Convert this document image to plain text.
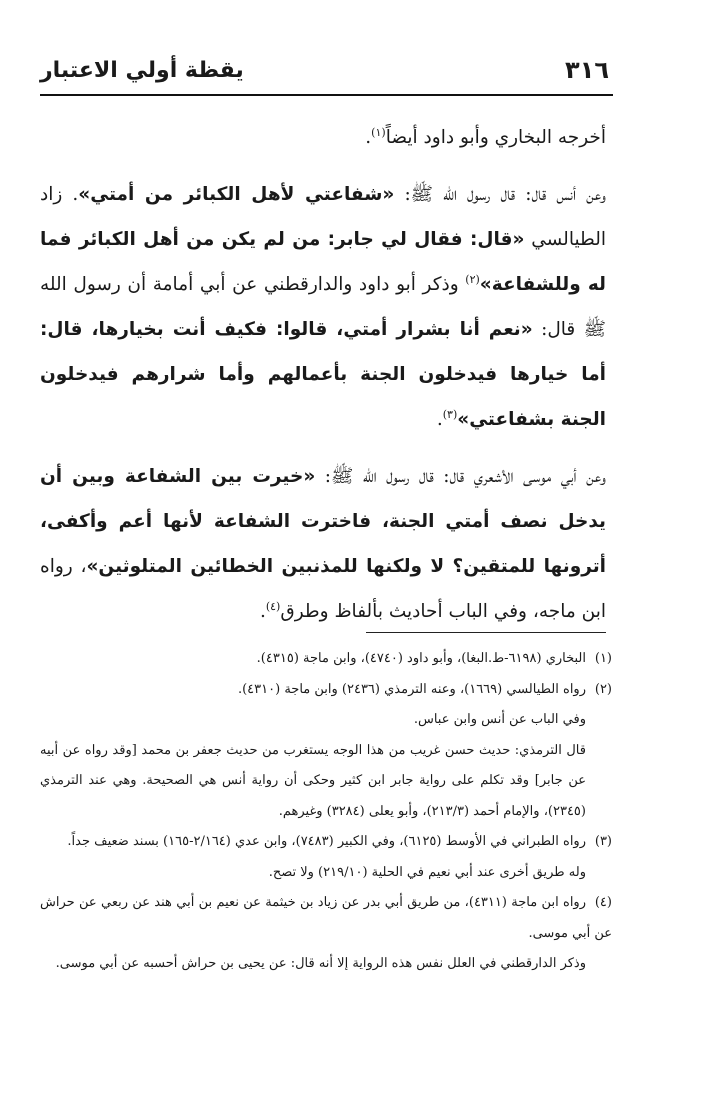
يقظة أولي الاعتبار	٣١٦

أخرجه البخاري وأبو داود أيضاً$^{(١)}$.

وعن أنس قال: قال رسول الله ﷺ: «شفاعتي لأهل الكبائر من أمتي». زاد الطيالسي «قال: فقال لي جابر: من لم يكن من أهل الكبائر فما له وللشفاعة»$^{(٢)}$ وذكر أبو داود والدارقطني عن أبي أمامة أن رسول الله ﷺ قال: «نعم أنا بشرار أمتي، قالوا: فكيف أنت بخيارها، قال: أما خيارها فيدخلون الجنة بأعمالهم وأما شرارهم فيدخلون الجنة بشفاعتي»$^{(٣)}$.

وعن أبي موسى الأشعري قال: قال رسول الله ﷺ: «خيرت بين الشفاعة وبين أن يدخل نصف أمتي الجنة، فاخترت الشفاعة لأنها أعم وأكفى، أترونها للمتقين؟ لا ولكنها للمذنبين الخطائين المتلوثين»، رواه ابن ماجه، وفي الباب أحاديث بألفاظ وطرق$^{(٤)}$.

(١)البخاري (٦١٩٨-ط.البغا)، وأبو داود (٤٧٤٠)، وابن ماجة (٤٣١٥).

(٢)رواه الطيالسي (١٦٦٩)، وعنه الترمذي (٢٤٣٦) وابن ماجة (٤٣١٠).

وفي الباب عن أنس وابن عباس.

قال الترمذي: حديث حسن غريب من هذا الوجه يستغرب من حديث جعفر بن محمد [وقد رواه عن أبيه عن جابر] وقد تكلم على رواية جابر ابن كثير وحكى أن رواية أنس هي الصحيحة. وهي عند الترمذي (٢٣٤٥)، والإمام أحمد (٢١٣/٣)، وأبو يعلى (٣٢٨٤) وغيرهم.

(٣)رواه الطبراني في الأوسط (٦١٢٥)، وفي الكبير (٧٤٨٣)، وابن عدي (٢/١٦٤-١٦٥) بسند ضعيف جداً.

وله طريق أخرى عند أبي نعيم في الحلية (٢١٩/١٠) ولا تصح.

(٤)رواه ابن ماجة (٤٣١١)، من طريق أبي بدر عن زياد بن خيثمة عن نعيم بن أبي هند عن ربعي عن حراش عن أبي موسى.

وذكر الدارقطني في العلل نفس هذه الرواية إلا أنه قال: عن يحيى بن حراش أحسبه عن أبي موسى.
